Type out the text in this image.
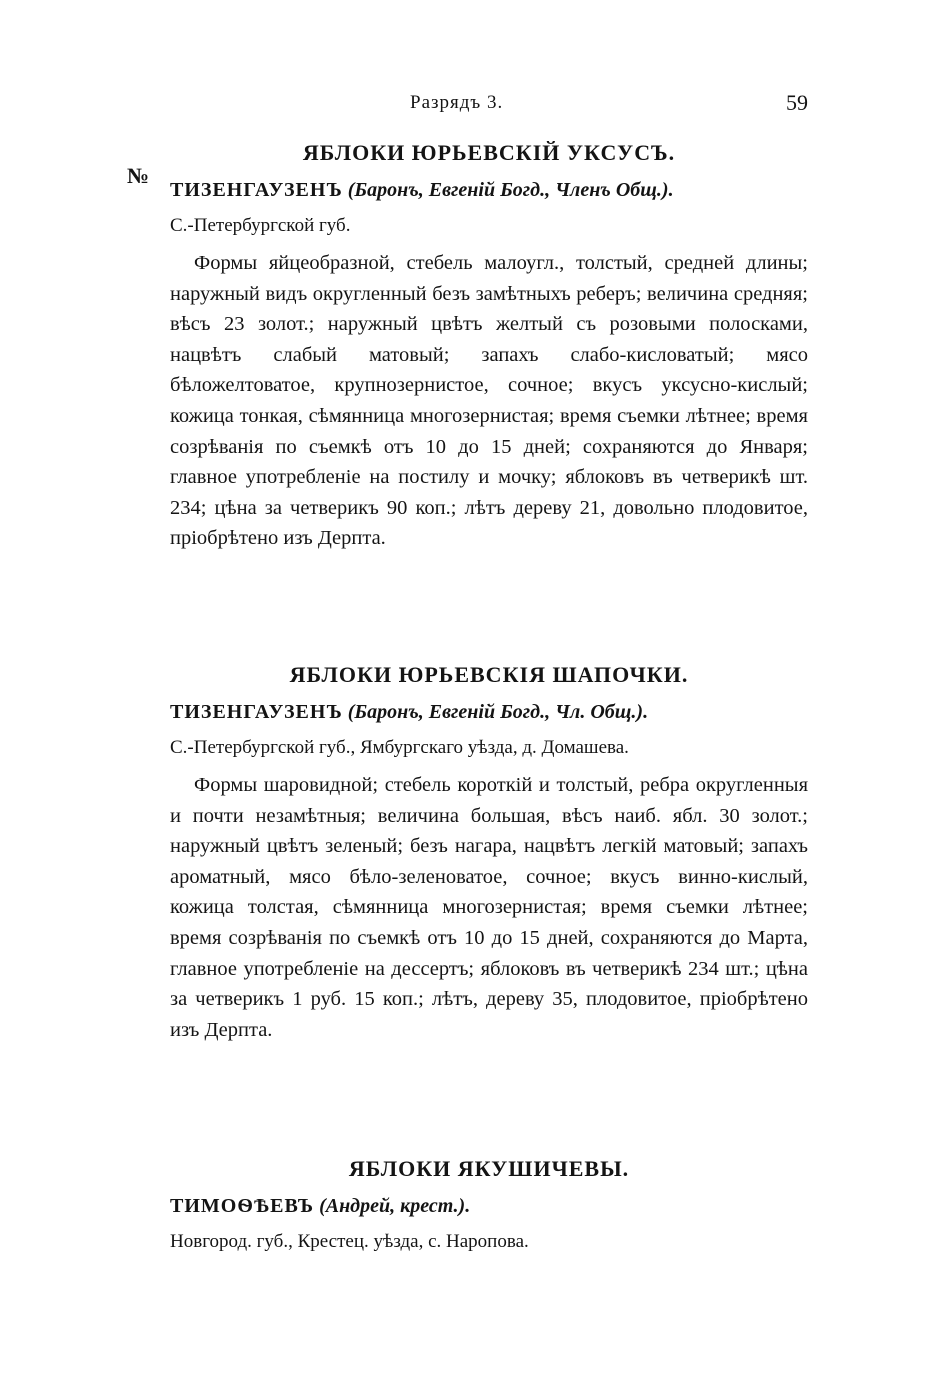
Разрядъ 3.	59
№
ЯБЛОКИ ЮРЬЕВСКІЙ УКСУСЪ.
ТИЗЕНГАУЗЕНЪ (Баронъ, Евгеній Богд., Членъ Общ.).
С.-Петербургской губ.

Формы яйцеобразной, стебель малоугл., толстый, средней длины; наружный видъ округленный безъ замѣтныхъ реберъ; величина средняя; вѣсъ 23 золот.; наружный цвѣтъ желтый съ розовыми полосками, нацвѣтъ слабый матовый; запахъ слабо-кисловатый; мясо бѣложелтоватое, крупнозернистое, сочное; вкусъ уксусно-кислый; кожица тонкая, сѣмянница многозернистая; время съемки лѣтнее; время созрѣванія по съемкѣ отъ 10 до 15 дней; сохраняются до Января; главное употребленіе на постилу и мочку; яблоковъ въ четверикѣ шт. 234; цѣна за четверикъ 90 коп.; лѣтъ дереву 21, довольно плодовитое, пріобрѣтено изъ Дерпта.

ЯБЛОКИ ЮРЬЕВСКІЯ ШАПОЧКИ.
ТИЗЕНГАУЗЕНЪ (Баронъ, Евгеній Богд., Чл. Общ.).
С.-Петербургской губ., Ямбургскаго уѣзда, д. Домашева.

Формы шаровидной; стебель короткій и толстый, ребра округленныя и почти незамѣтныя; величина большая, вѣсъ наиб. ябл. 30 золот.; наружный цвѣтъ зеленый; безъ нагара, нацвѣтъ легкій матовый; запахъ ароматный, мясо бѣло-зеленоватое, сочное; вкусъ винно-кислый, кожица толстая, сѣмянница многозернистая; время съемки лѣтнее; время созрѣванія по съемкѣ отъ 10 до 15 дней, сохраняются до Марта, главное употребленіе на дессертъ; яблоковъ въ четверикѣ 234 шт.; цѣна за четверикъ 1 руб. 15 коп.; лѣтъ, дереву 35, плодовитое, пріобрѣтено изъ Дерпта.

ЯБЛОКИ ЯКУШИЧЕВЫ.
ТИМОѲѢЕВЪ (Андрей, крест.).
Новгород. губ., Крестец. уѣзда, с. Наропова.
